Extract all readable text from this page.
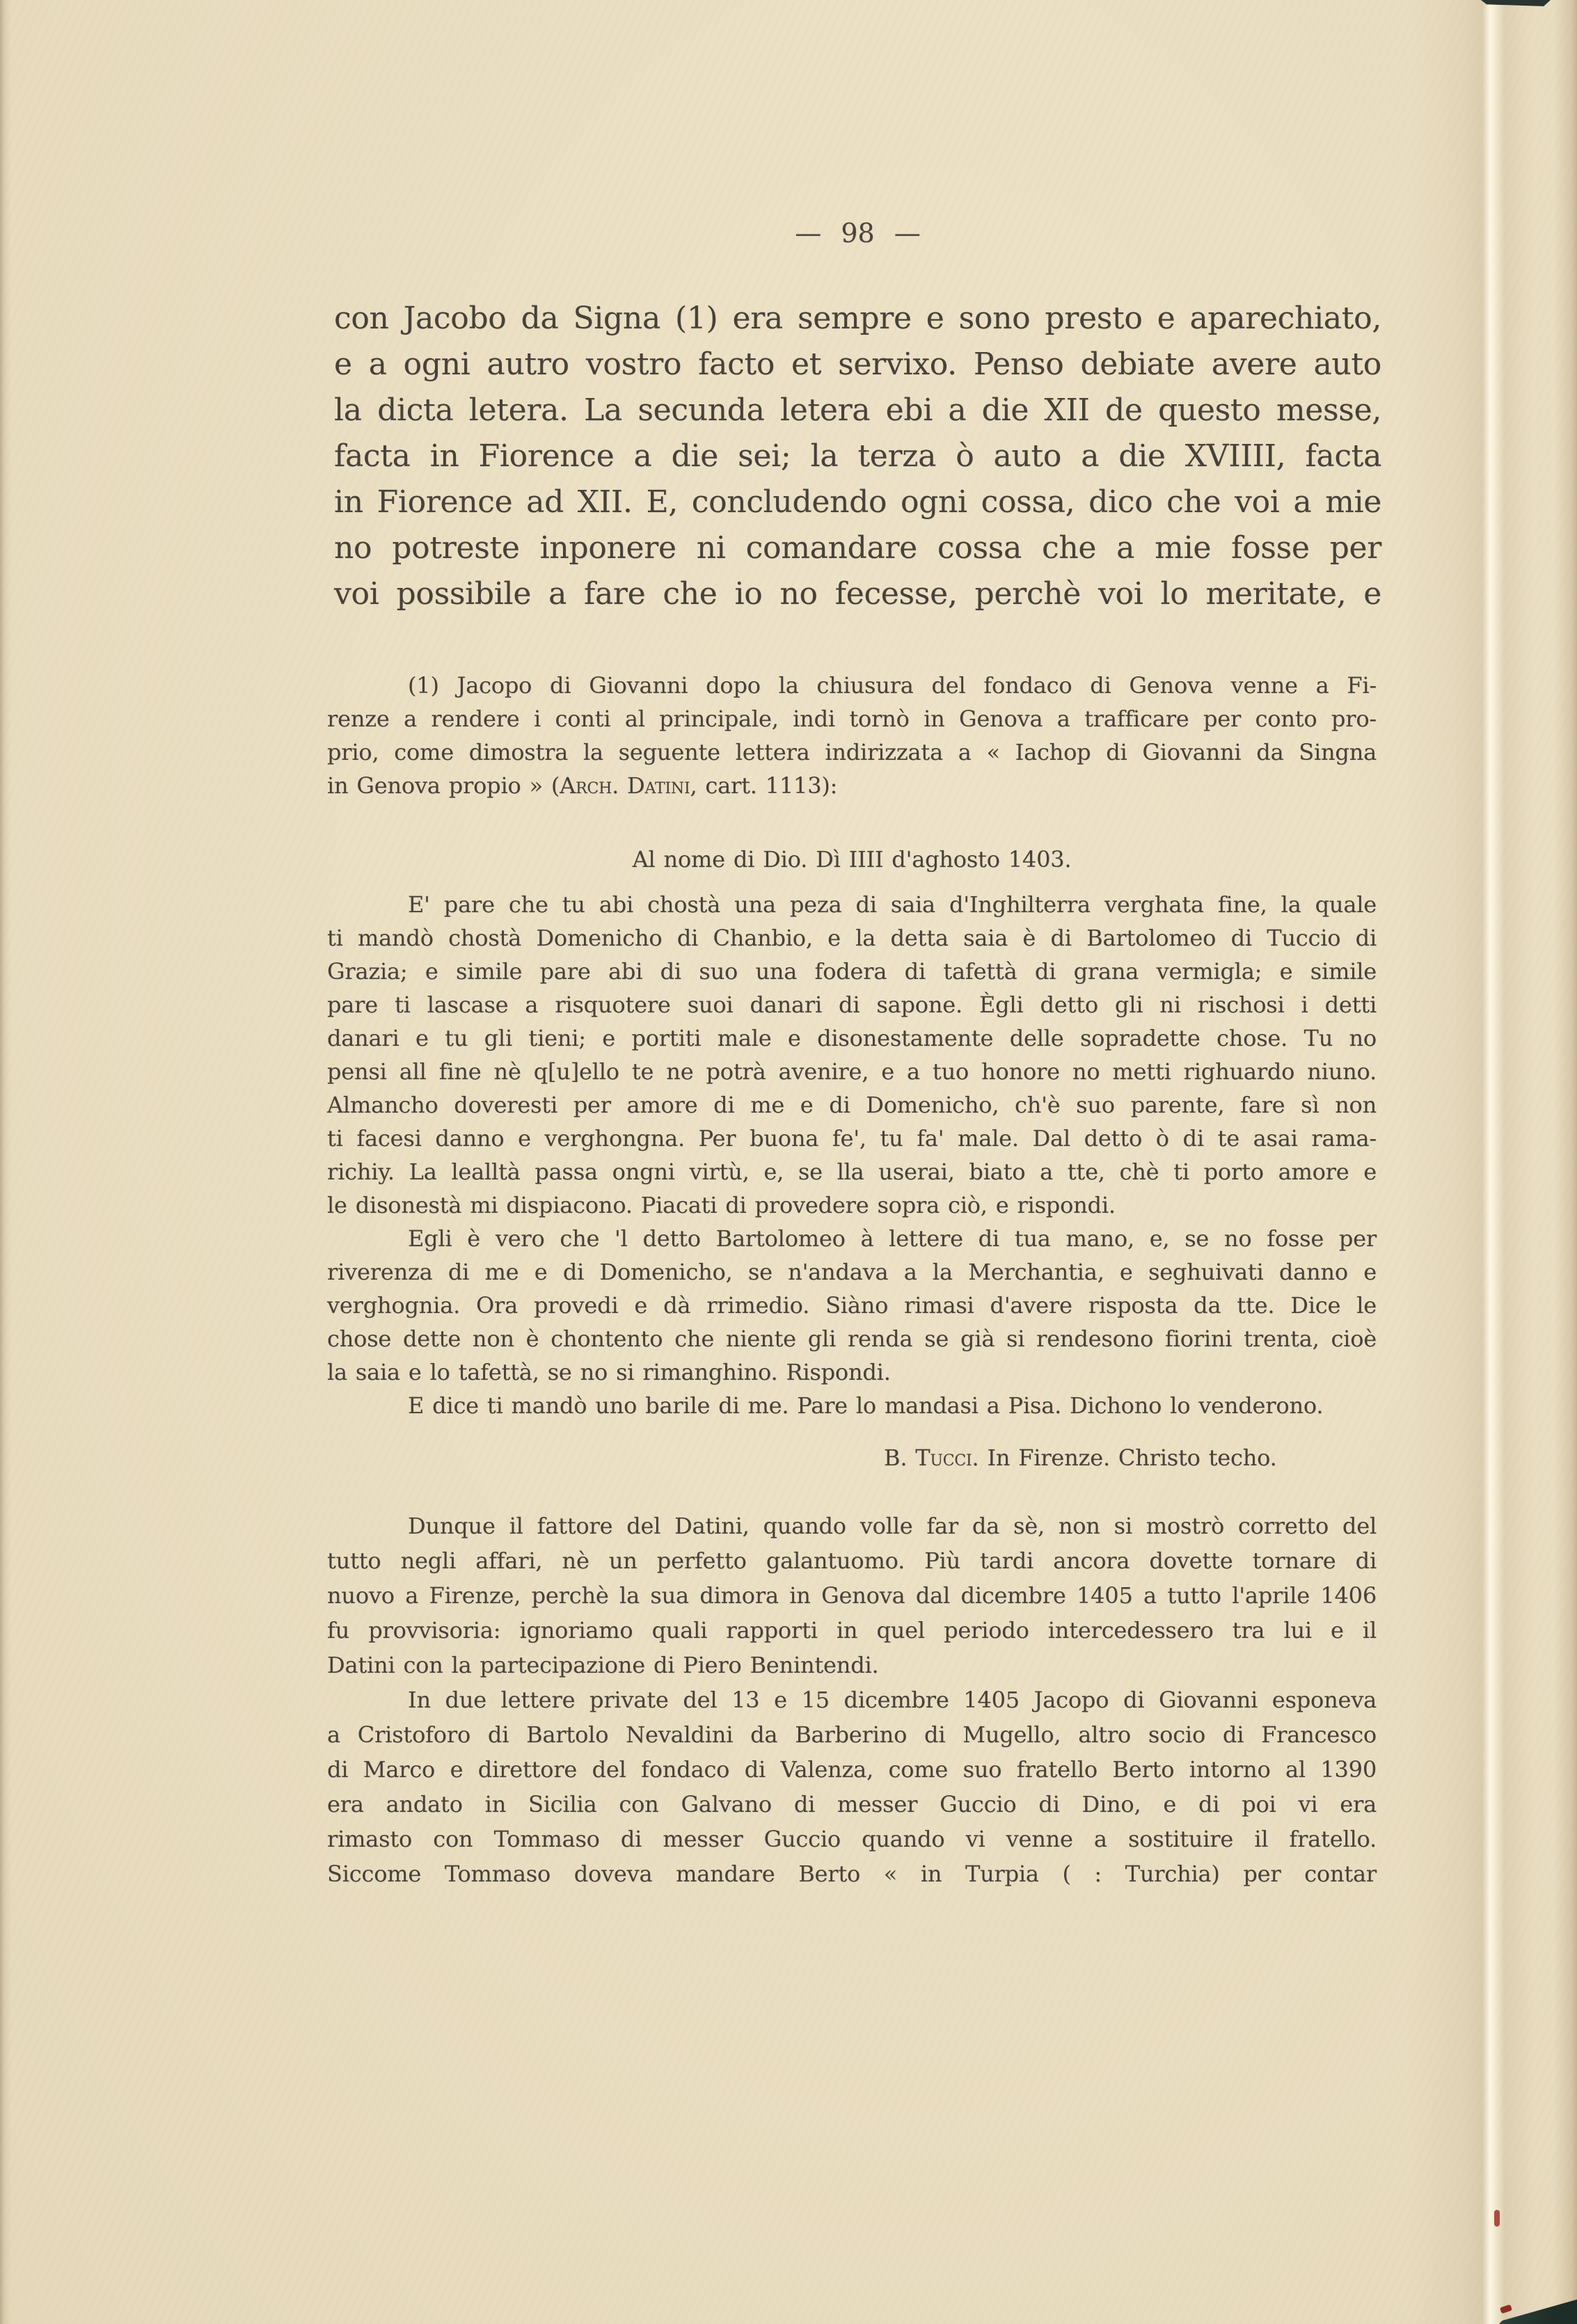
— 98 —
con Jacobo da Signa (1) era sempre e sono presto e aparechiato,
e a ogni autro vostro facto et servixo. Penso debiate avere auto
la dicta letera. La secunda letera ebi a die XII de questo messe,
facta in Fiorence a die sei; la terza ò auto a die XVIIII, facta
in Fiorence ad XII. E, concludendo ogni cossa, dico che voi a mie
no potreste inponere ni comandare cossa che a mie fosse per
voi possibile a fare che io no fecesse, perchè voi lo meritate, e
(1) Jacopo di Giovanni dopo la chiusura del fondaco di Genova venne a Fi-
renze a rendere i conti al principale, indi tornò in Genova a trafficare per conto pro-
prio, come dimostra la seguente lettera indirizzata a « Iachop di Giovanni da Singna
in Genova propio » (Arch. Datini, cart. 1113):
Al nome di Dio. Dì IIII d'aghosto 1403.
E' pare che tu abi chostà una peza di saia d'Inghilterra verghata fine, la quale
ti mandò chostà Domenicho di Chanbio, e la detta saia è di Bartolomeo di Tuccio di
Grazia; e simile pare abi di suo una fodera di tafettà di grana vermigla; e simile
pare ti lascase a risquotere suoi danari di sapone. Ègli detto gli ni rischosi i detti
danari e tu gli tieni; e portiti male e disonestamente delle sopradette chose. Tu no
pensi all fine nè q[u]ello te ne potrà avenire, e a tuo honore no metti righuardo niuno.
Almancho doveresti per amore di me e di Domenicho, ch'è suo parente, fare sì non
ti facesi danno e verghongna. Per buona fe', tu fa' male. Dal detto ò di te asai rama-
richiy. La lealltà passa ongni virtù, e, se lla userai, biato a tte, chè ti porto amore e
le disonestà mi dispiacono. Piacati di provedere sopra ciò, e rispondi.
Egli è vero che 'l detto Bartolomeo à lettere di tua mano, e, se no fosse per
riverenza di me e di Domenicho, se n'andava a la Merchantia, e seghuivati danno e
verghognia. Ora provedi e dà rrimedio. Siàno rimasi d'avere risposta da tte. Dice le
chose dette non è chontento che niente gli renda se già si rendesono fiorini trenta, cioè
la saia e lo tafettà, se no si rimanghino. Rispondi.
E dice ti mandò uno barile di me. Pare lo mandasi a Pisa. Dichono lo venderono.
B. Tucci. In Firenze. Christo techo.
Dunque il fattore del Datini, quando volle far da sè, non si mostrò corretto del
tutto negli affari, nè un perfetto galantuomo. Più tardi ancora dovette tornare di
nuovo a Firenze, perchè la sua dimora in Genova dal dicembre 1405 a tutto l'aprile 1406
fu provvisoria: ignoriamo quali rapporti in quel periodo intercedessero tra lui e il
Datini con la partecipazione di Piero Benintendi.
In due lettere private del 13 e 15 dicembre 1405 Jacopo di Giovanni esponeva
a Cristoforo di Bartolo Nevaldini da Barberino di Mugello, altro socio di Francesco
di Marco e direttore del fondaco di Valenza, come suo fratello Berto intorno al 1390
era andato in Sicilia con Galvano di messer Guccio di Dino, e di poi vi era
rimasto con Tommaso di messer Guccio quando vi venne a sostituire il fratello.
Siccome Tommaso doveva mandare Berto « in Turpia ( : Turchia) per contar
